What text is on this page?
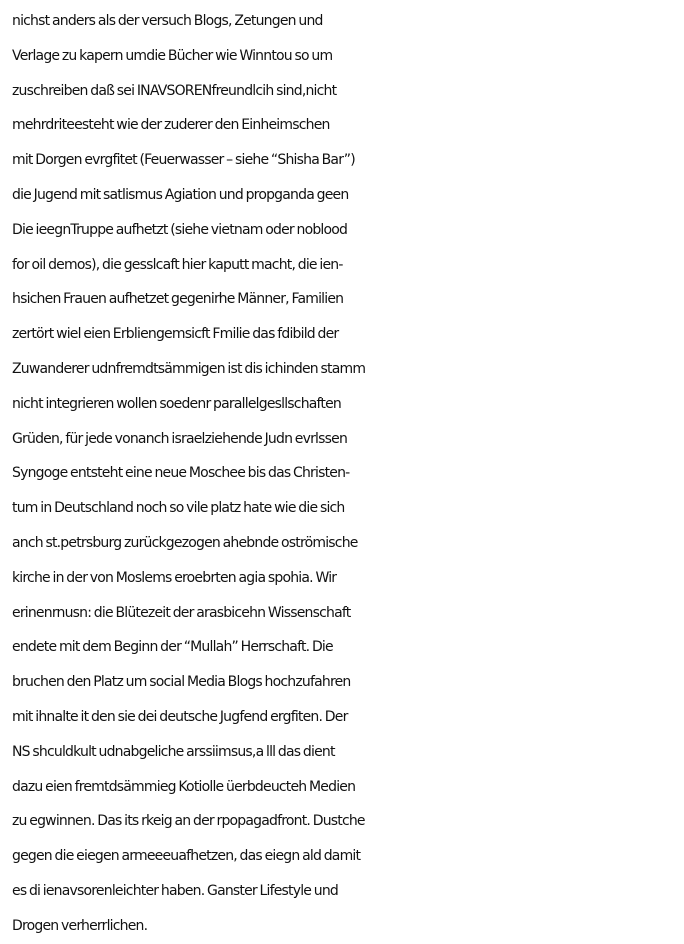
nichst anders als der versuch Blogs, Zetungen und
Verlage zu kapern umdie Bücher wie Winntou so um
zuschreiben daß sei INAVSORENfreundlcih sind,nicht
mehrdriteesteht wie der zuderer den Einheimschen
mit Dorgen evrgfitet (Feuerwasser – siehe “Shisha Bar”)
die Jugend mit satlismus Agiation und propganda geen
Die ieegnTruppe aufhetzt (siehe vietnam oder noblood
for oil demos), die gesslcaft hier kaputt macht, die ien-
hsichen Frauen aufhetzet gegenirhe Männer, Familien
zertört wiel eien Erbliengemsicft Fmilie das fdibild der
Zuwanderer udnfremdtsämmigen ist dis ichinden stamm
nicht integrieren wollen soedenr parallelgesllschaften
Grüden, für jede vonanch israelziehende Judn evrlssen
Syngoge entsteht eine neue Moschee bis das Christen-
tum in Deutschland noch so vile platz hate wie die sich
anch st.petrsburg zurückgezogen ahebnde oströmische
kirche in der von Moslems eroebrten agia spohia. Wir
erinenrnusn: die Blütezeit der arasbicehn Wissenschaft
endete mit dem Beginn der “Mullah” Herrschaft. Die
bruchen den Platz um social Media Blogs hochzufahren
mit ihnalte it den sie dei deutsche Jugfend ergfiten. Der
NS shculdkult udnabgeliche arssiimsus,a lll das dient
dazu eien fremtdsämmieg Kotiolle üerbdeucteh Medien
zu egwinnen. Das its rkeig an der rpopagadfront. Dustche
gegen die eiegen armeeeuafhetzen, das eiegn ald damit
es di ienavsorenleichter haben. Ganster Lifestyle und
Drogen verherrlichen.
